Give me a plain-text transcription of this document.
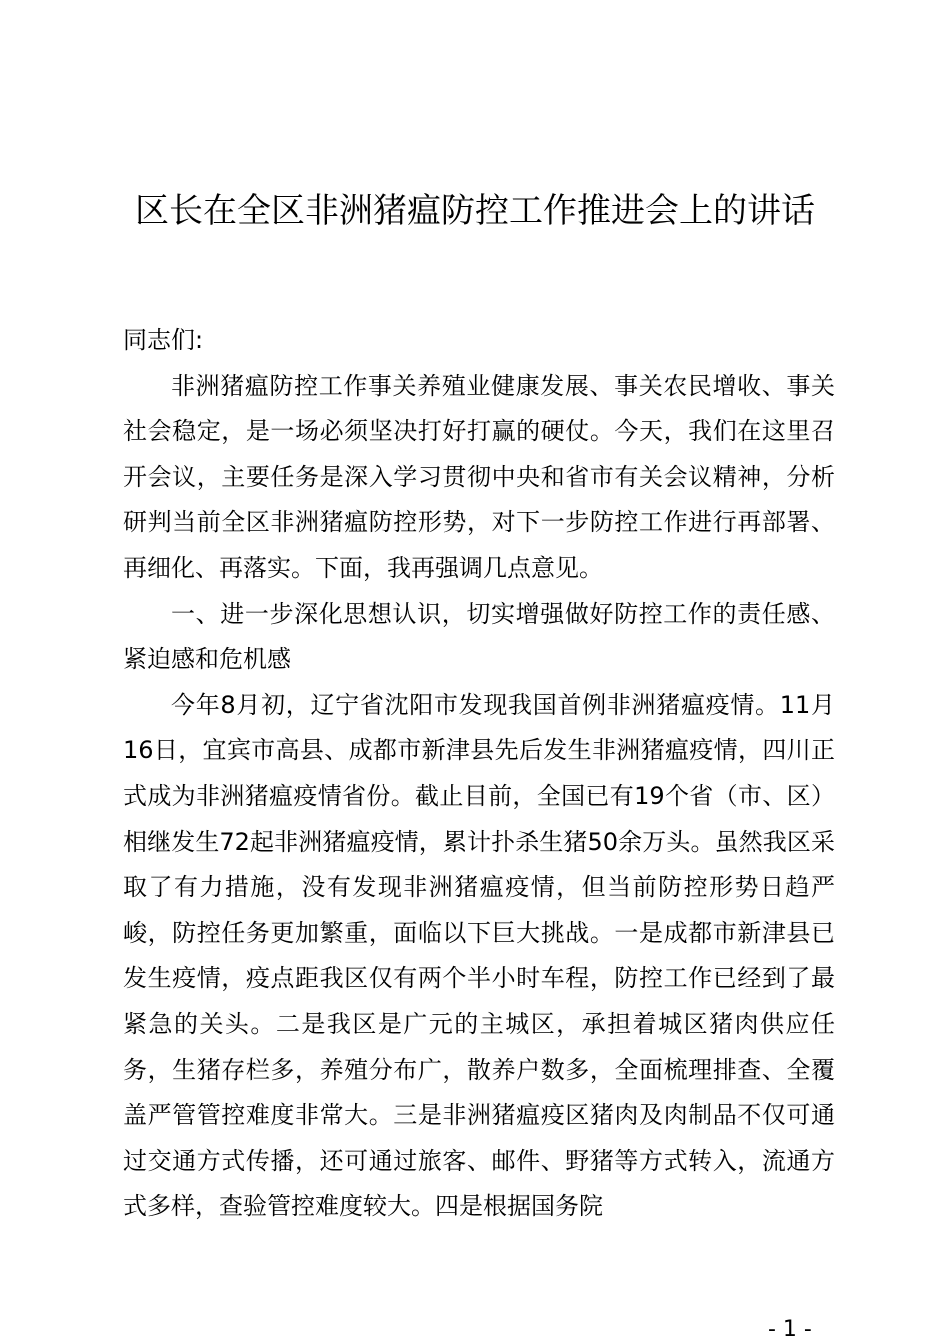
区长在全区非洲猪瘟防控工作推进会上的讲话

同志们:

非洲猪瘟防控工作事关养殖业健康发展、事关农民增收、事关社会稳定，是一场必须坚决打好打赢的硬仗。今天，我们在这里召开会议，主要任务是深入学习贯彻中央和省市有关会议精神，分析研判当前全区非洲猪瘟防控形势，对下一步防控工作进行再部署、再细化、再落实。下面，我再强调几点意见。

一、进一步深化思想认识，切实增强做好防控工作的责任感、紧迫感和危机感

今年8月初，辽宁省沈阳市发现我国首例非洲猪瘟疫情。11月16日，宜宾市高县、成都市新津县先后发生非洲猪瘟疫情，四川正式成为非洲猪瘟疫情省份。截止目前，全国已有19个省（市、区）相继发生72起非洲猪瘟疫情，累计扑杀生猪50余万头。虽然我区采取了有力措施，没有发现非洲猪瘟疫情，但当前防控形势日趋严峻，防控任务更加繁重，面临以下巨大挑战。一是成都市新津县已发生疫情，疫点距我区仅有两个半小时车程，防控工作已经到了最紧急的关头。二是我区是广元的主城区，承担着城区猪肉供应任务，生猪存栏多，养殖分布广，散养户数多，全面梳理排查、全覆盖严管管控难度非常大。三是非洲猪瘟疫区猪肉及肉制品不仅可通过交通方式传播，还可通过旅客、邮件、野猪等方式转入，流通方式多样，查验管控难度较大。四是根据国务院

- 1 -
